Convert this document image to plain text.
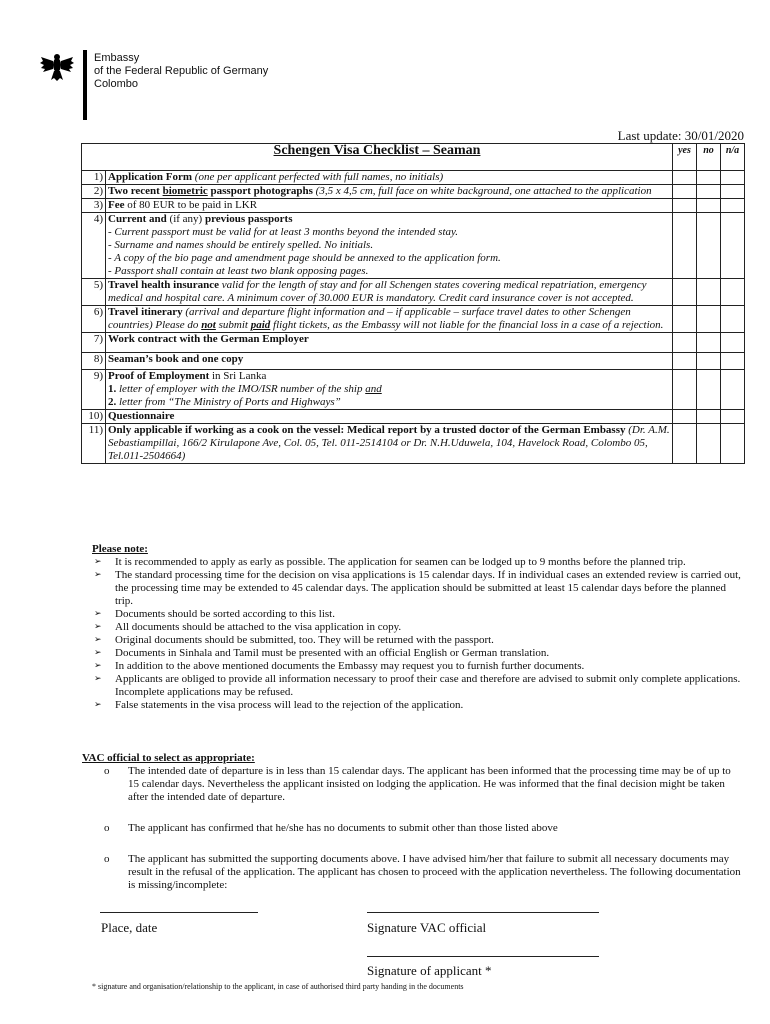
Embassy
of the Federal Republic of Germany
Colombo
Last update: 30/01/2020
Schengen Visa Checklist – Seaman		yes	no	n/a
1)	Application Form (one per applicant perfected with full names, no initials)			
2)	Two recent biometric passport photographs (3,5 x 4,5 cm, full face on white background, one attached to the application			
3)	Fee of 80 EUR to be paid in LKR			
4)	Current and (if any) previous passports
- Current passport must be valid for at least 3 months beyond the intended stay.
- Surname and names should be entirely spelled. No initials.
- A copy of the bio page and amendment page should be annexed to the application form.
- Passport shall contain at least two blank opposing pages.			

5)	Travel health insurance valid for the length of stay and for all Schengen states covering medical repatriation, emergency medical and hospital care. A minimum cover of 30.000 EUR is mandatory. Credit card insurance cover is not accepted.			
6)	Travel itinerary (arrival and departure flight information and – if applicable – surface travel dates to other Schengen countries) Please do not submit paid flight tickets, as the Embassy will not liable for the financial loss in a case of a rejection.			
7)	Work contract with the German Employer			
8)	Seaman’s book and one copy			
9)	Proof of Employment in Sri Lanka
1. letter of employer with the IMO/ISR number of the ship and
2. letter from “The Ministry of Ports and Highways”			

10)	Questionnaire			
11)	Only applicable if working as a cook on the vessel: Medical report by a trusted doctor of the German Embassy (Dr. A.M. Sebastiampillai, 166/2 Kirulapone Ave, Col. 05, Tel. 011-2514104 or Dr. N.H.Uduwela, 104, Havelock Road, Colombo 05, Tel.011-2504664)			
Please note:
➢ It is recommended to apply as early as possible. The application for seamen can be lodged up to 9 months before the planned trip.
➢ The standard processing time for the decision on visa applications is 15 calendar days. If in individual cases an extended review is carried out, the processing time may be extended to 45 calendar days. The application should be submitted at least 15 calendar days before the planned trip.
➢ Documents should be sorted according to this list.
➢ All documents should be attached to the visa application in copy.
➢ Original documents should be submitted, too. They will be returned with the passport.
➢ Documents in Sinhala and Tamil must be presented with an official English or German translation.
➢ In addition to the above mentioned documents the Embassy may request you to furnish further documents.
➢ Applicants are obliged to provide all information necessary to proof their case and therefore are advised to submit only complete applications. Incomplete applications may be refused.
➢ False statements in the visa process will lead to the rejection of the application.
VAC official to select as appropriate:
o The intended date of departure is in less than 15 calendar days. The applicant has been informed that the processing time may be of up to 15 calendar days. Nevertheless the applicant insisted on lodging the application. He was informed that the final decision might be taken after the intended date of departure.
o The applicant has confirmed that he/she has no documents to submit other than those listed above
o The applicant has submitted the supporting documents above. I have advised him/her that failure to submit all necessary documents may result in the refusal of the application. The applicant has chosen to proceed with the application nevertheless. The following documentation is missing/incomplete:
Place, date	Signature VAC official
Signature of applicant *
* signature and organisation/relationship to the applicant, in case of authorised third party handing in the documents
